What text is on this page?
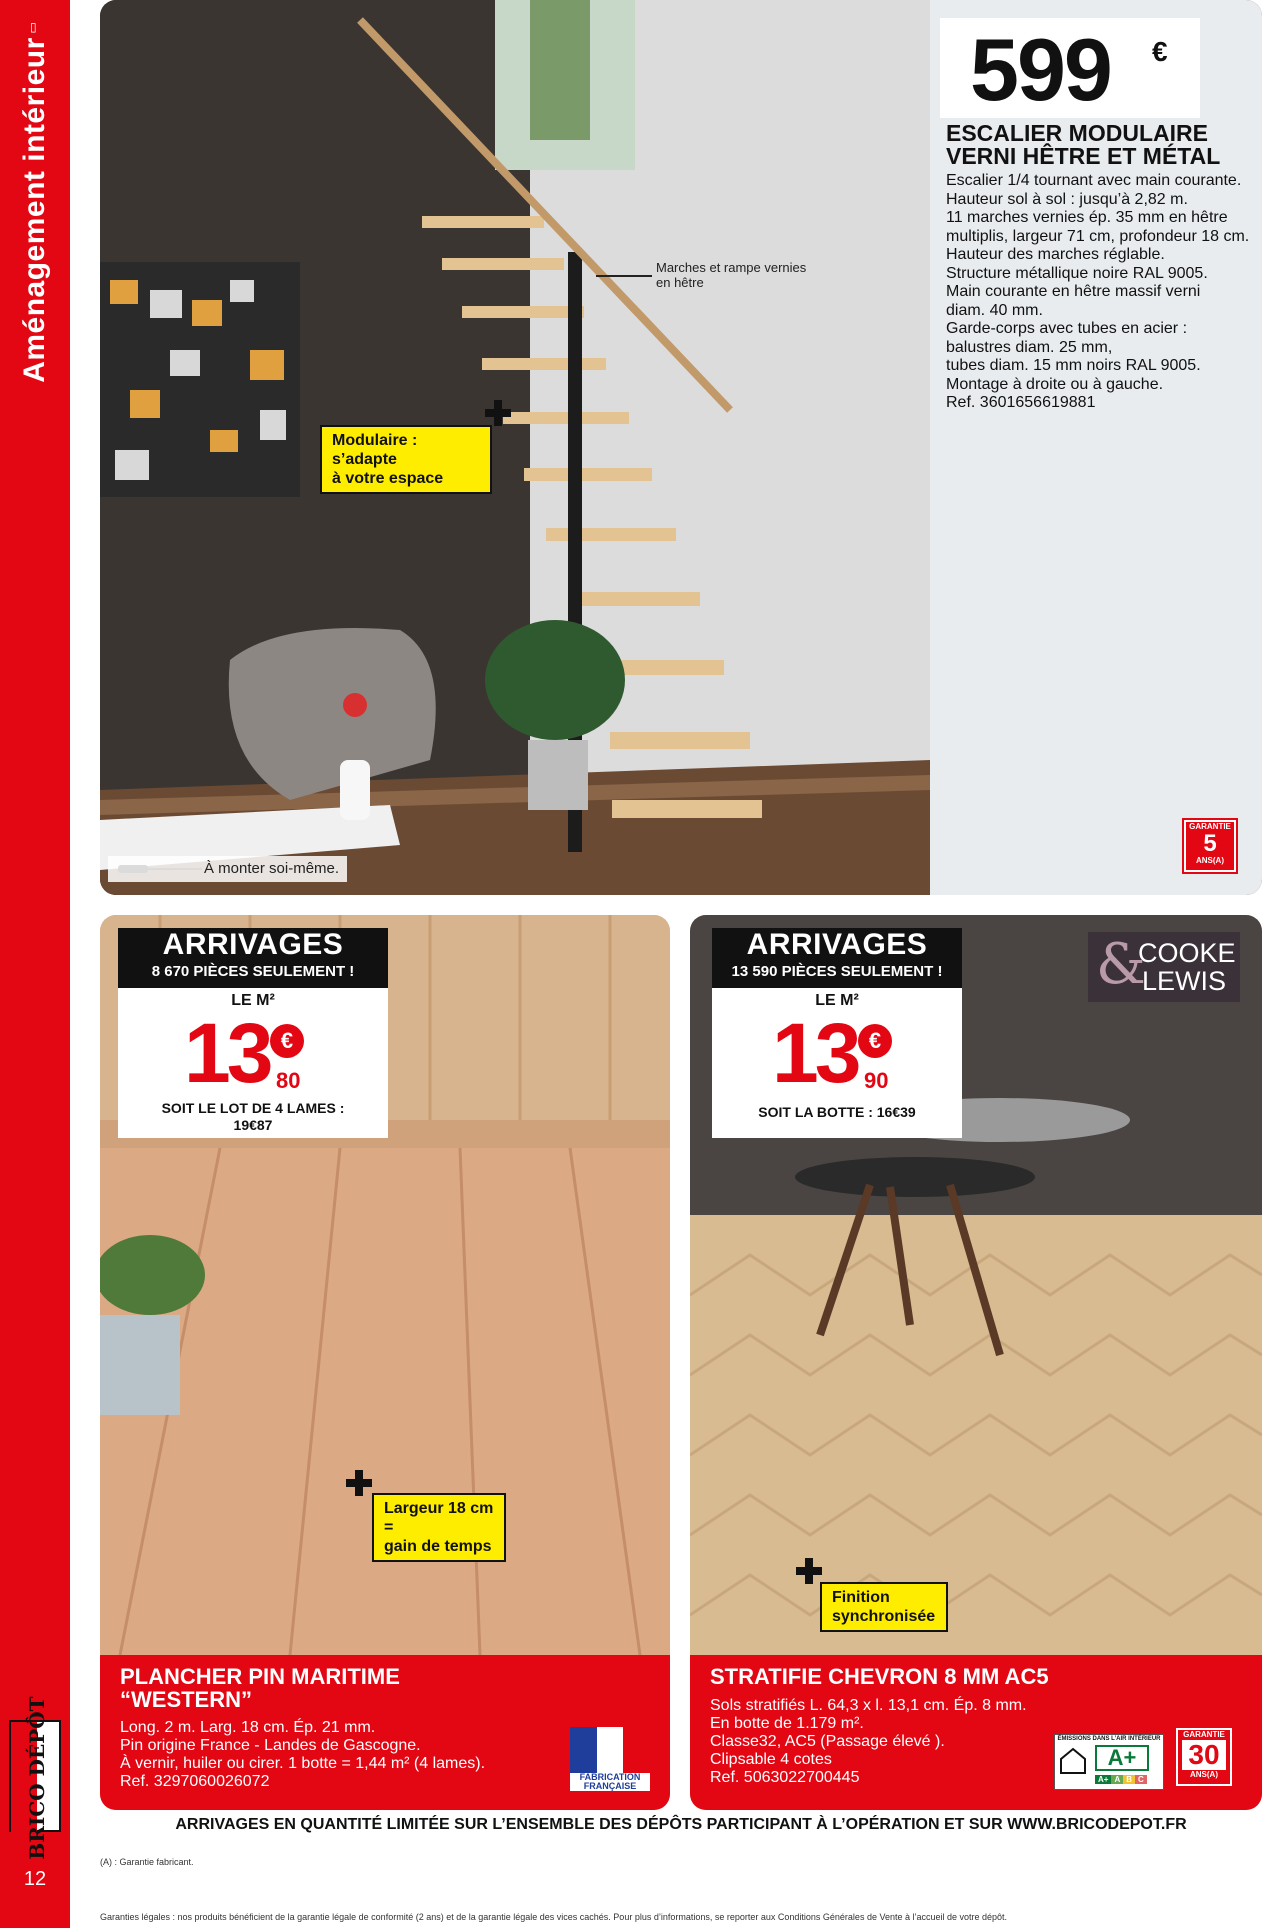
▯
Aménagement intérieur
BRICO DÉPÔT
12
599 €
ESCALIER MODULAIRE
VERNI HÊTRE ET MÉTAL
Escalier 1/4 tournant avec main courante.
Hauteur sol à sol : jusqu’à 2,82 m.
11 marches vernies ép. 35 mm en hêtre
multiplis, largeur 71 cm, profondeur 18 cm.
Hauteur des marches réglable.
Structure métallique noire RAL 9005.
Main courante en hêtre massif verni
diam. 40 mm.
Garde-corps avec tubes en acier :
balustres diam. 25 mm,
tubes diam. 15 mm noirs RAL 9005.
Montage à droite ou à gauche.
Ref. 3601656619881
Marches et rampe vernies
en hêtre
Modulaire : s’adapte
à votre espace
À monter soi-même.
GARANTIE
5
ANS(A)
PLANCHER PIN MARITIME
“WESTERN”
Long. 2 m. Larg. 18 cm. Ép. 21 mm.
Pin origine France - Landes de Gascogne.
À vernir, huiler ou cirer. 1 botte = 1,44 m² (4 lames).
Ref. 3297060026072
ARRIVAGES
8 670 PIÈCES SEULEMENT !
LE M²
13 €
80
SOIT LE LOT DE 4 LAMES :
19€87
Largeur 18 cm =
gain de temps
FABRICATION
FRANÇAISE
STRATIFIE CHEVRON 8 MM AC5
Sols stratifiés L. 64,3 x l. 13,1 cm. Ép. 8 mm.
En botte de 1.179 m².
Classe32, AC5 (Passage élevé ).
Clipsable 4 cotes
Ref. 5063022700445
ARRIVAGES
13 590 PIÈCES SEULEMENT !
LE M²
13 €
90
SOIT LA BOTTE : 16€39
&
COOKE
LEWIS
Finition
synchronisée
ÉMISSIONS DANS L’AIR INTÉRIEUR
A+
A+ A B C
GARANTIE
30
ANS(A)
ARRIVAGES EN QUANTITÉ LIMITÉE SUR L’ENSEMBLE DES DÉPÔTS PARTICIPANT À L’OPÉRATION ET SUR WWW.BRICODEPOT.FR
(A) : Garantie fabricant.
Garanties légales : nos produits bénéficient de la garantie légale de conformité (2 ans) et de la garantie légale des vices cachés. Pour plus d’informations, se reporter aux Conditions Générales de Vente à l’accueil de votre dépôt.
